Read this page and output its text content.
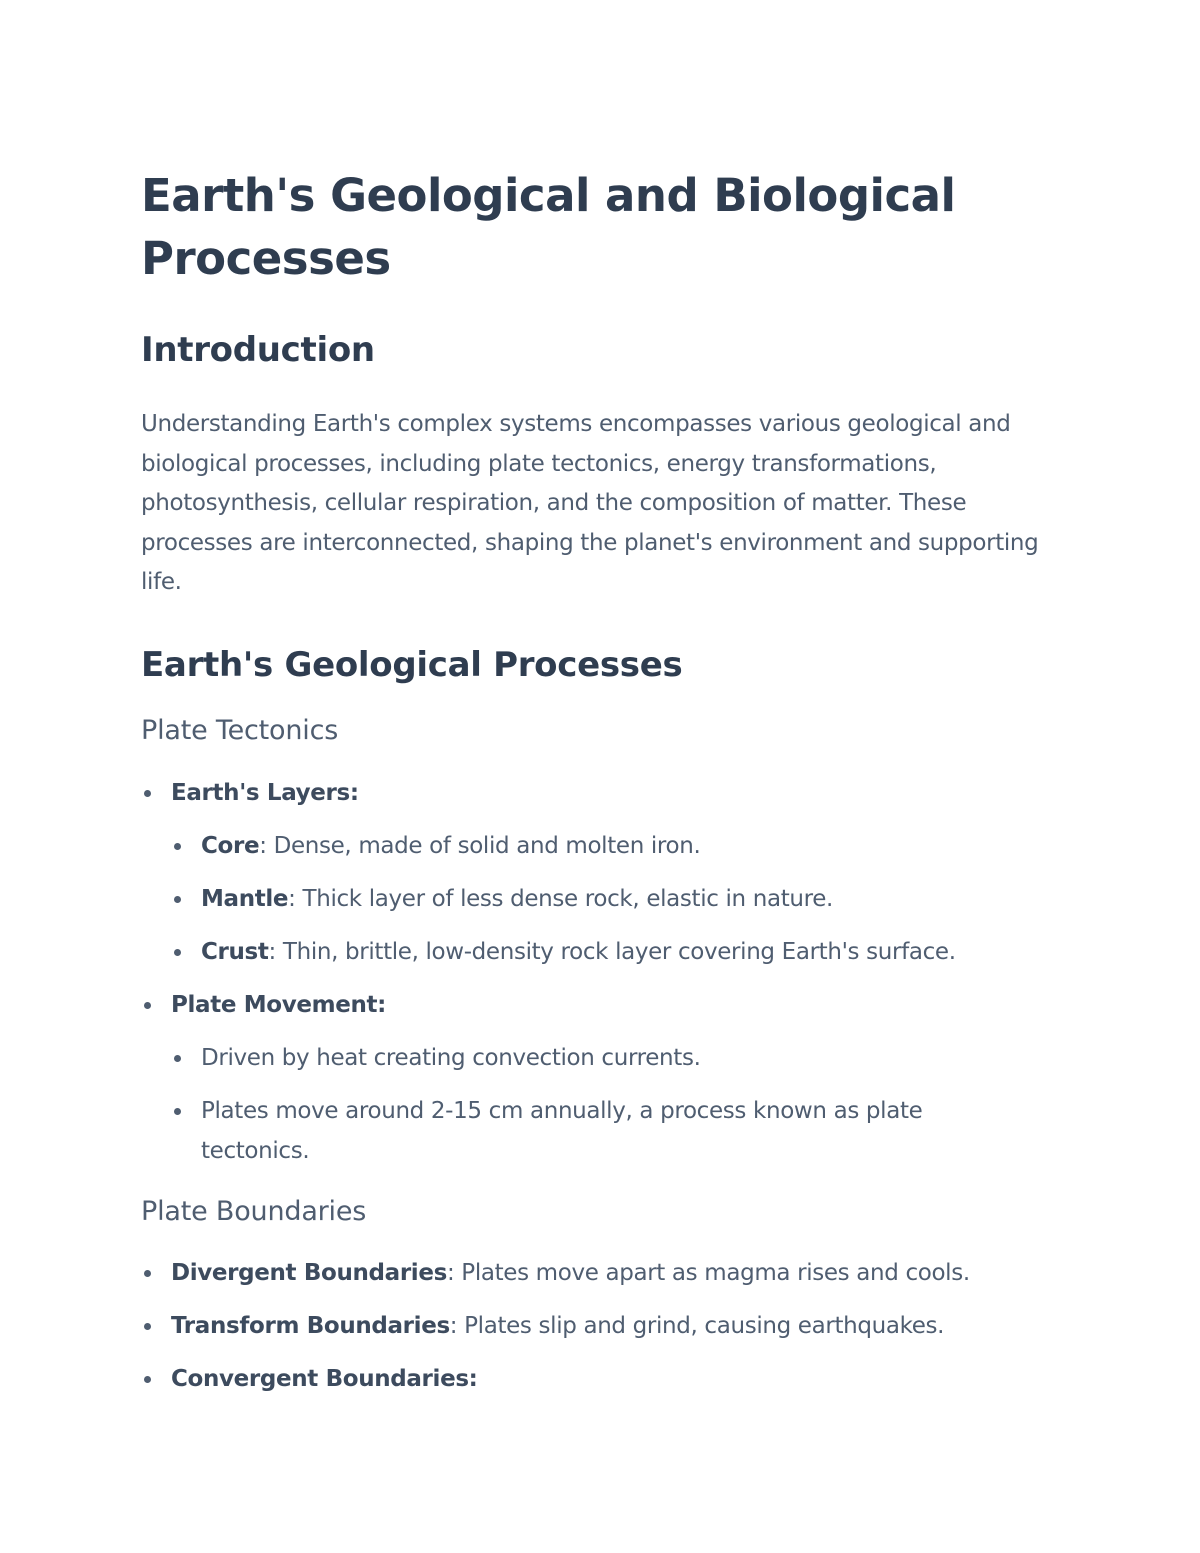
Earth's Geological and Biological Processes
Introduction

Understanding Earth's complex systems encompasses various geological and biological processes, including plate tectonics, energy transformations, photosynthesis, cellular respiration, and the composition of matter. These processes are interconnected, shaping the planet's environment and supporting life.

Earth's Geological Processes
Plate Tectonics
Earth's Layers:
Core: Dense, made of solid and molten iron.
Mantle: Thick layer of less dense rock, elastic in nature.
Crust: Thin, brittle, low-density rock layer covering Earth's surface.
Plate Movement:
Driven by heat creating convection currents.
Plates move around 2-15 cm annually, a process known as plate tectonics.
Plate Boundaries
Divergent Boundaries: Plates move apart as magma rises and cools.
Transform Boundaries: Plates slip and grind, causing earthquakes.
Convergent Boundaries:
